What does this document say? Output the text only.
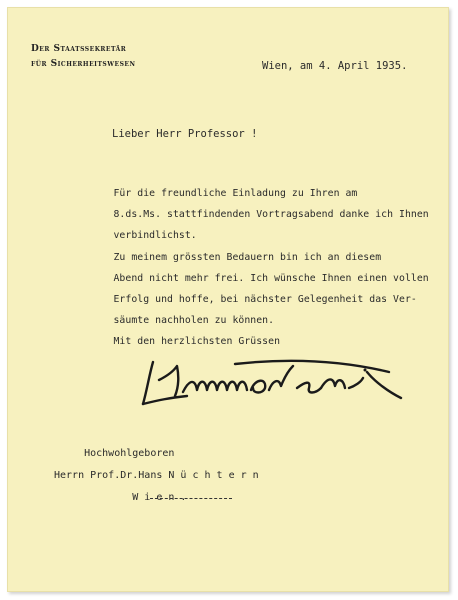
Der Staatssekretär
für Sicherheitswesen	Wien, am 4. April 1935.
Lieber Herr Professor !
Für die freundliche Einladung zu Ihren am
8.ds.Ms. stattfindenden Vortragsabend danke ich Ihnen
verbindlichst.
Zu meinem grössten Bedauern bin ich an diesem
Abend nicht mehr frei. Ich wünsche Ihnen einen vollen
Erfolg und hoffe, bei nächster Gelegenheit das Ver-
säumte nachholen zu können.
Mit den herzlichsten Grüssen
Hochwohlgeboren
Herrn Prof.Dr.Hans N ü c h t e r n
W i e n .
